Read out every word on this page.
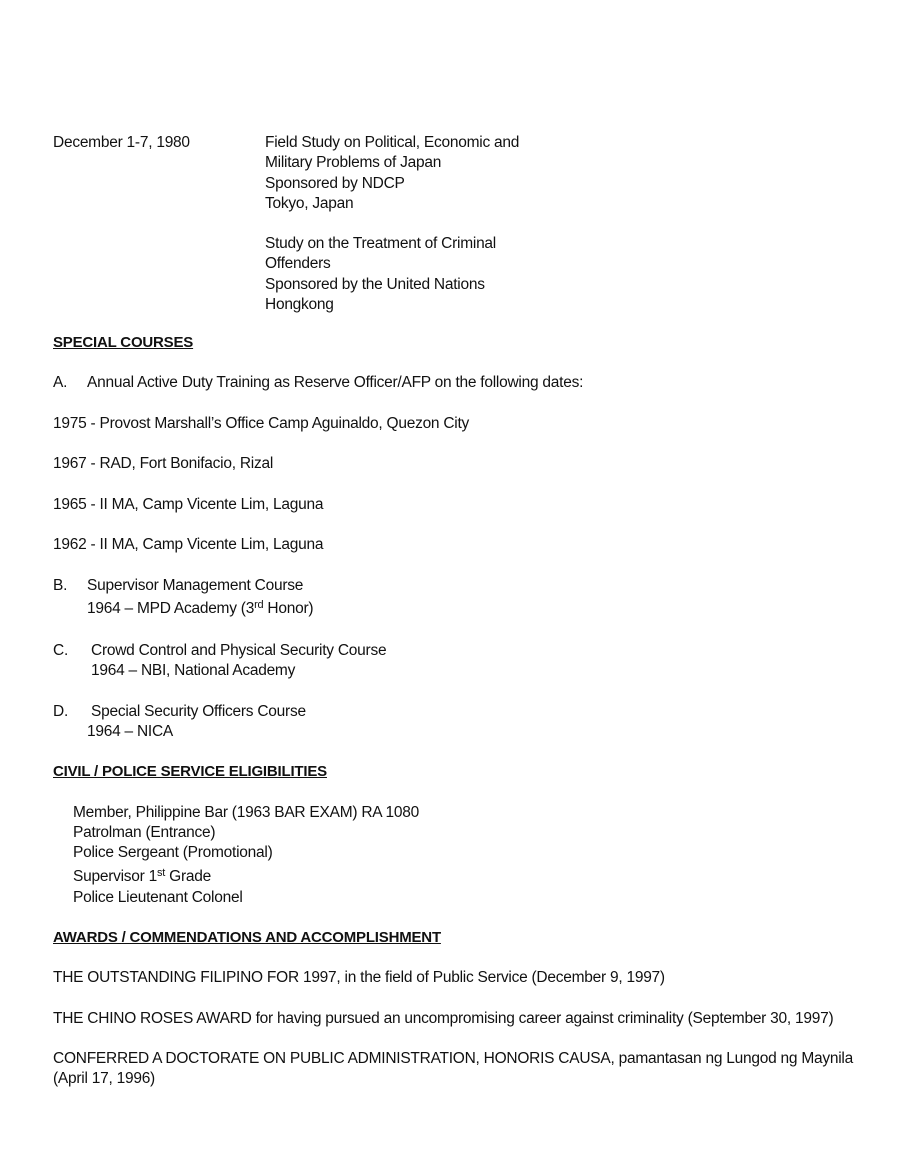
December 1-7, 1980	Field Study on Political, Economic and
Military Problems of Japan
Sponsored by NDCP
Tokyo, Japan
Study on the Treatment of Criminal
Offenders
Sponsored by the United Nations
Hongkong
SPECIAL COURSES
A. Annual Active Duty Training as Reserve Officer/AFP on the following dates:
1975 - Provost Marshall’s Office Camp Aguinaldo, Quezon City
1967 - RAD, Fort Bonifacio, Rizal
1965 - II MA, Camp Vicente Lim, Laguna
1962 - II MA, Camp Vicente Lim, Laguna
B. Supervisor Management Course
1964 – MPD Academy (3rd Honor)
C. Crowd Control and Physical Security Course
1964 – NBI, National Academy
D. Special Security Officers Course
1964 – NICA
CIVIL / POLICE SERVICE ELIGIBILITIES
Member, Philippine Bar (1963 BAR EXAM) RA 1080
Patrolman (Entrance)
Police Sergeant (Promotional)
Supervisor 1st Grade
Police Lieutenant Colonel
AWARDS / COMMENDATIONS AND ACCOMPLISHMENT
THE OUTSTANDING FILIPINO FOR 1997, in the field of Public Service (December 9, 1997)
THE CHINO ROSES AWARD for having pursued an uncompromising career against criminality (September 30, 1997)
CONFERRED A DOCTORATE ON PUBLIC ADMINISTRATION, HONORIS CAUSA, pamantasan ng Lungod ng Maynila (April 17, 1996)
